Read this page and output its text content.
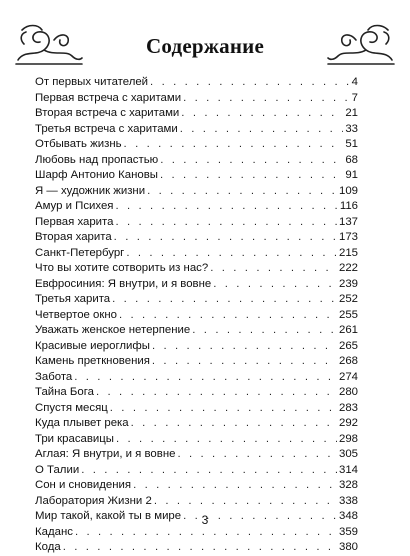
Содержание
От первых читателей . . .	4
Первая встреча с харитами . . .	7
Вторая встреча с харитами . . .	21
Третья встреча с харитами . . .	33
Отбывать жизнь . . .	51
Любовь над пропастью . . .	68
Шарф Антонио Кановы . . .	91
Я — художник жизни . . .	109
Амур и Психея . . .	116
Первая харита . . .	137
Вторая харита . . .	173
Санкт-Петербург . . .	215
Что вы хотите сотворить из нас? . . .	222
Евфросиния: Я внутри, и я вовне . . .	239
Третья харита . . .	252
Четвертое окно . . .	255
Уважать женское нетерпение . . .	261
Красивые иероглифы . . .	265
Камень преткновения . . .	268
Забота . . .	274
Тайна Бога . . .	280
Спустя месяц . . .	283
Куда плывет река . . .	292
Три красавицы . . .	298
Аглая: Я внутри, и я вовне . . .	305
О Талии . . .	314
Сон и сновидения . . .	328
Лаборатория Жизни 2 . . .	338
Мир такой, какой ты в мире . . .	348
Каданс . . .	359
Кода . . .	380
3
